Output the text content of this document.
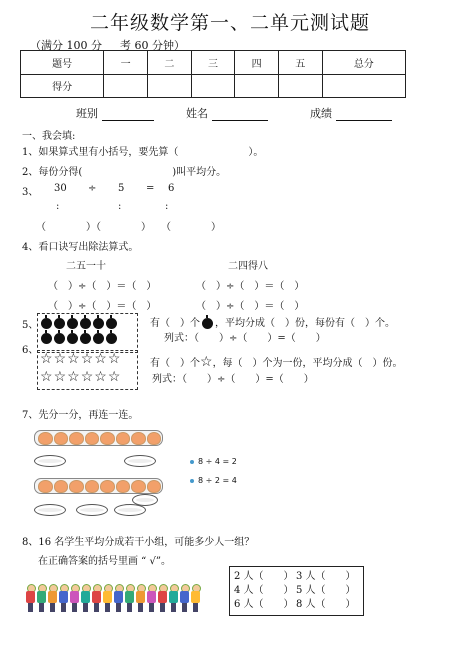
二年级数学第一、二单元测试题
（满分 100 分 　 考 60 分钟）
题号	一	二	三	四	五	总分
得分						
班别	姓名	成绩
一、我会填:
1、如果算式里有小括号，要先算（　　　　　　　）。
2、每份分得(　　　　　　　　　)叫平均分。
3、 30 ÷ 5 = 6
:	:	:
（　　　　）（　　　　）　　（　　　　）
4、看口诀写出除法算式。
二五一十	二四得八
（　）÷（　）＝（　）	（　）÷（　）＝（　）
（　）÷（　）＝（　）	（　）÷（　）＝（　）
5、	有（　）个 ，平均分成（　）份，每份有（　）个。
列式：（　　）÷（　　）=（　　）
6、
☆☆☆☆☆☆
☆☆☆☆☆☆
有（　）个☆，每（　）个为一份，平均分成（　）份。
列式：（　　）÷（　　）=（　　）
7、先分一分，再连一连。
8 ÷ 4 = 2
8 ÷ 2 = 4
8、16 名学生平均分成若干小组，可能多少人一组？
在正确答案的括号里画 “ √”。
2 人（　　） 3 人（　　）
4 人（　　） 5 人（　　）
6 人（　　） 8 人（　　）
